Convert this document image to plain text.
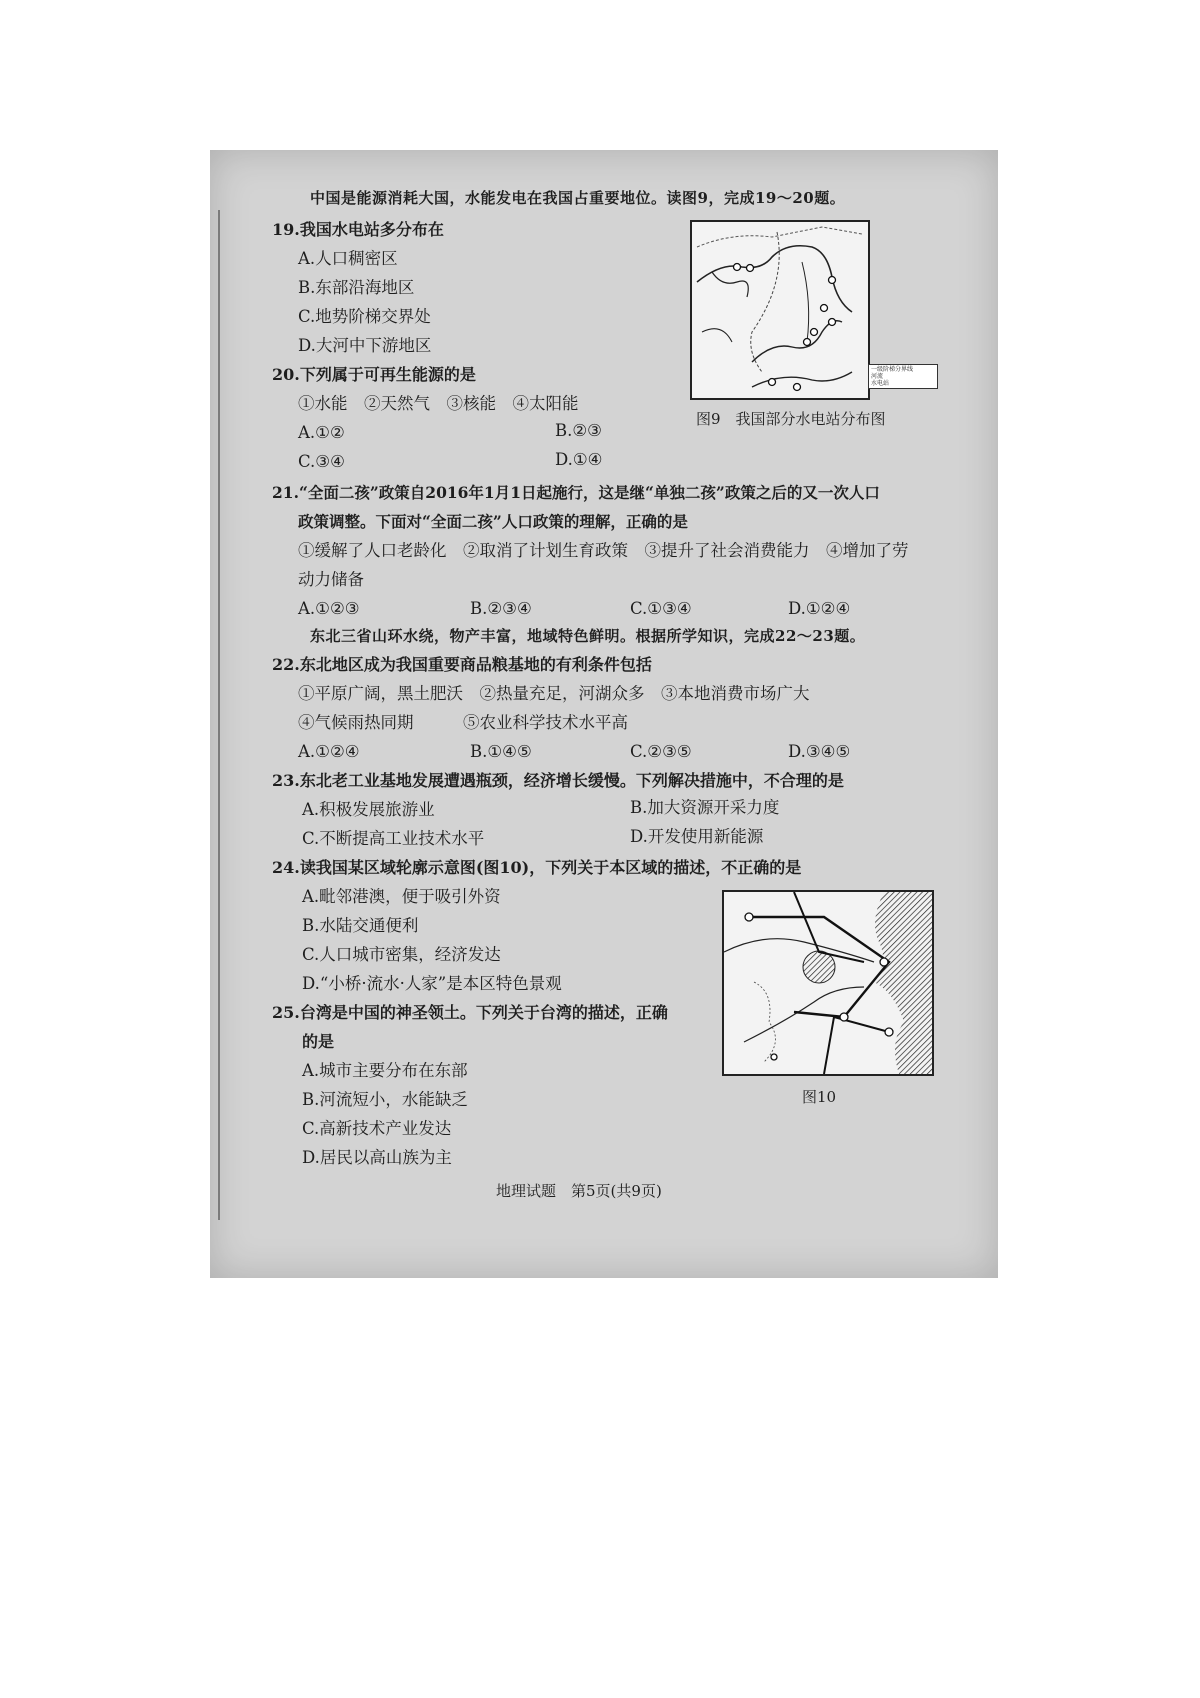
中国是能源消耗大国，水能发电在我国占重要地位。读图9，完成19～20题。
19.我国水电站多分布在
A.人口稠密区
B.东部沿海地区
C.地势阶梯交界处
D.大河中下游地区
20.下列属于可再生能源的是
①水能　②天然气　③核能　④太阳能
A.①②	B.②③
C.③④	D.①④
一级阶梯分界线
河流
水电站
图9　我国部分水电站分布图
21.“全面二孩”政策自2016年1月1日起施行，这是继“单独二孩”政策之后的又一次人口
政策调整。下面对“全面二孩”人口政策的理解，正确的是
①缓解了人口老龄化　②取消了计划生育政策　③提升了社会消费能力　④增加了劳
动力储备
A.①②③	B.②③④	C.①③④	D.①②④
东北三省山环水绕，物产丰富，地域特色鲜明。根据所学知识，完成22～23题。
22.东北地区成为我国重要商品粮基地的有利条件包括
①平原广阔，黑土肥沃　②热量充足，河湖众多　③本地消费市场广大
④气候雨热同期　　　⑤农业科学技术水平高
A.①②④	B.①④⑤	C.②③⑤	D.③④⑤
23.东北老工业基地发展遭遇瓶颈，经济增长缓慢。下列解决措施中，不合理的是
A.积极发展旅游业	B.加大资源开采力度
C.不断提高工业技术水平	D.开发使用新能源
24.读我国某区域轮廓示意图(图10)，下列关于本区域的描述，不正确的是
A.毗邻港澳，便于吸引外资
B.水陆交通便利
C.人口城市密集，经济发达
D.“小桥·流水·人家”是本区特色景观
图10
25.台湾是中国的神圣领土。下列关于台湾的描述，正确
的是
A.城市主要分布在东部
B.河流短小，水能缺乏
C.高新技术产业发达
D.居民以高山族为主
地理试题　第5页(共9页)
